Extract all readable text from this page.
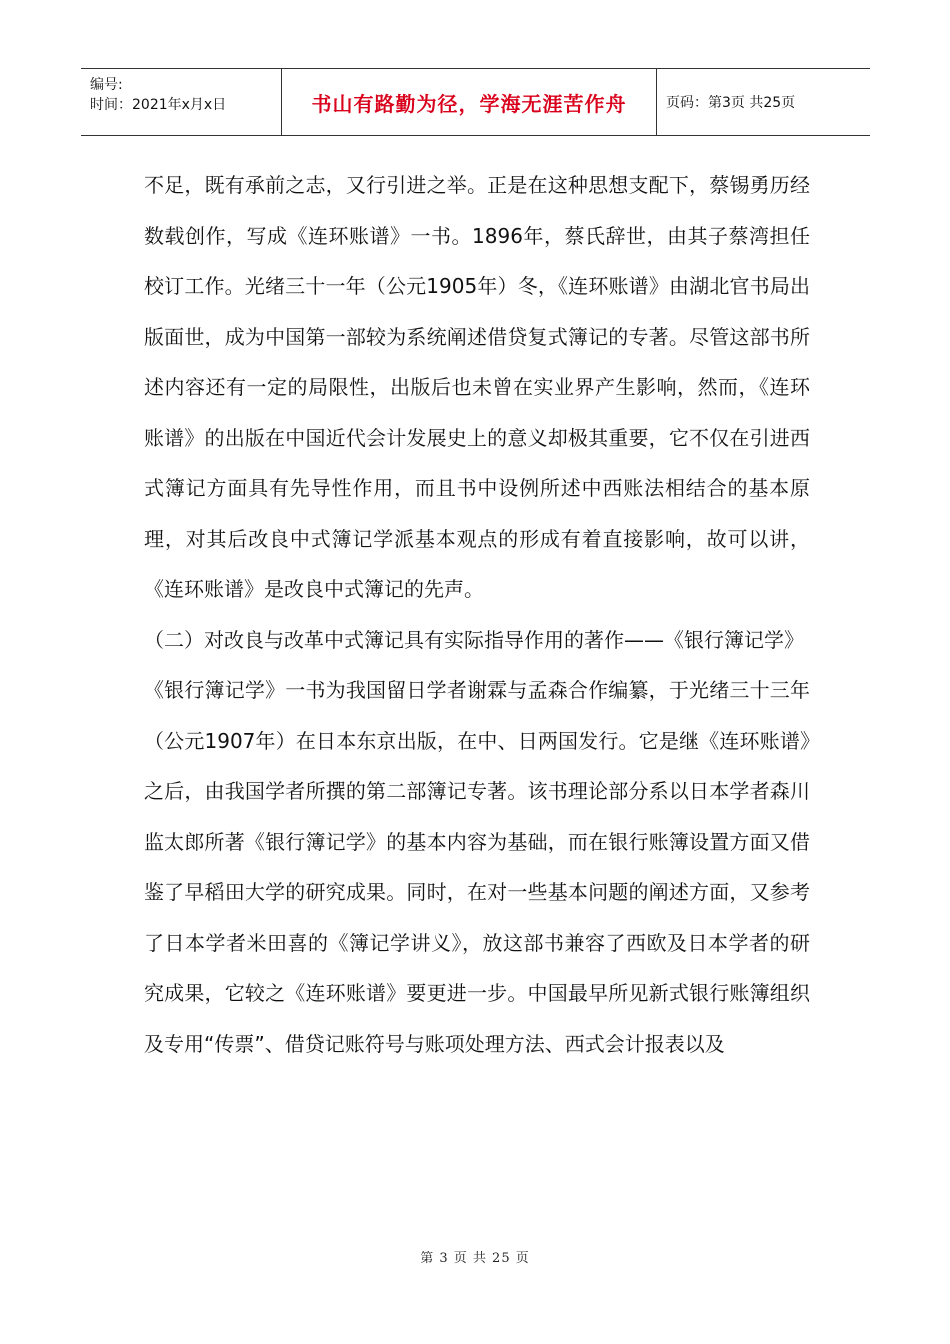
编号:
时间：2021年x月x日	书山有路勤为径，学海无涯苦作舟	页码：第3页 共25页

不足，既有承前之志，又行引进之举。正是在这种思想支配下，蔡锡勇历经数载创作，写成《连环账谱》一书。1896年，蔡氏辞世，由其子蔡湾担任校订工作。光绪三十一年（公元1905年）冬，《连环账谱》由湖北官书局出版面世，成为中国第一部较为系统阐述借贷复式簿记的专著。尽管这部书所述内容还有一定的局限性，出版后也未曾在实业界产生影响，然而，《连环账谱》的出版在中国近代会计发展史上的意义却极其重要，它不仅在引进西式簿记方面具有先导性作用，而且书中设例所述中西账法相结合的基本原理，对其后改良中式簿记学派基本观点的形成有着直接影响，故可以讲，《连环账谱》是改良中式簿记的先声。

（二）对改良与改革中式簿记具有实际指导作用的著作——《银行簿记学》

《银行簿记学》一书为我国留日学者谢霖与孟森合作编纂，于光绪三十三年（公元1907年）在日本东京出版，在中、日两国发行。它是继《连环账谱》之后，由我国学者所撰的第二部簿记专著。该书理论部分系以日本学者森川监太郎所著《银行簿记学》的基本内容为基础，而在银行账簿设置方面又借鉴了早稻田大学的研究成果。同时，在对一些基本问题的阐述方面，又参考了日本学者米田喜的《簿记学讲义》，放这部书兼容了西欧及日本学者的研究成果，它较之《连环账谱》要更进一步。中国最早所见新式银行账簿组织及专用“传票”、借贷记账符号与账项处理方法、西式会计报表以及

第 3 页 共 25 页
